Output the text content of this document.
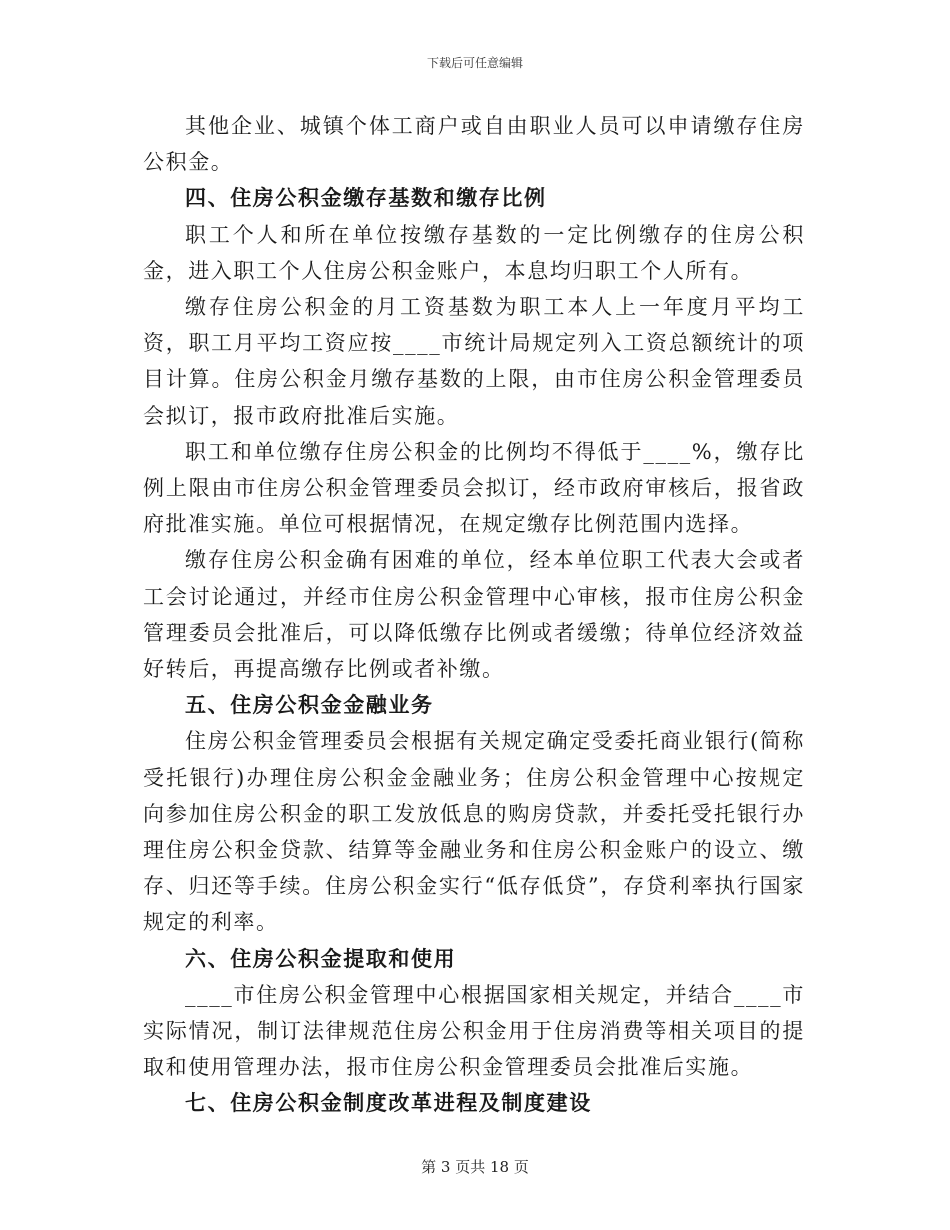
下载后可任意编辑

其他企业、城镇个体工商户或自由职业人员可以申请缴存住房公积金。

四、住房公积金缴存基数和缴存比例

职工个人和所在单位按缴存基数的一定比例缴存的住房公积金，进入职工个人住房公积金账户，本息均归职工个人所有。

缴存住房公积金的月工资基数为职工本人上一年度月平均工资，职工月平均工资应按____市统计局规定列入工资总额统计的项目计算。住房公积金月缴存基数的上限，由市住房公积金管理委员会拟订，报市政府批准后实施。

职工和单位缴存住房公积金的比例均不得低于____%，缴存比例上限由市住房公积金管理委员会拟订，经市政府审核后，报省政府批准实施。单位可根据情况，在规定缴存比例范围内选择。

缴存住房公积金确有困难的单位，经本单位职工代表大会或者工会讨论通过，并经市住房公积金管理中心审核，报市住房公积金管理委员会批准后，可以降低缴存比例或者缓缴；待单位经济效益好转后，再提高缴存比例或者补缴。

五、住房公积金金融业务

住房公积金管理委员会根据有关规定确定受委托商业银行(简称受托银行)办理住房公积金金融业务；住房公积金管理中心按规定向参加住房公积金的职工发放低息的购房贷款，并委托受托银行办理住房公积金贷款、结算等金融业务和住房公积金账户的设立、缴存、归还等手续。住房公积金实行“低存低贷”，存贷利率执行国家规定的利率。

六、住房公积金提取和使用

____市住房公积金管理中心根据国家相关规定，并结合____市实际情况，制订法律规范住房公积金用于住房消费等相关项目的提取和使用管理办法，报市住房公积金管理委员会批准后实施。

七、住房公积金制度改革进程及制度建设

第 3 页共 18 页
